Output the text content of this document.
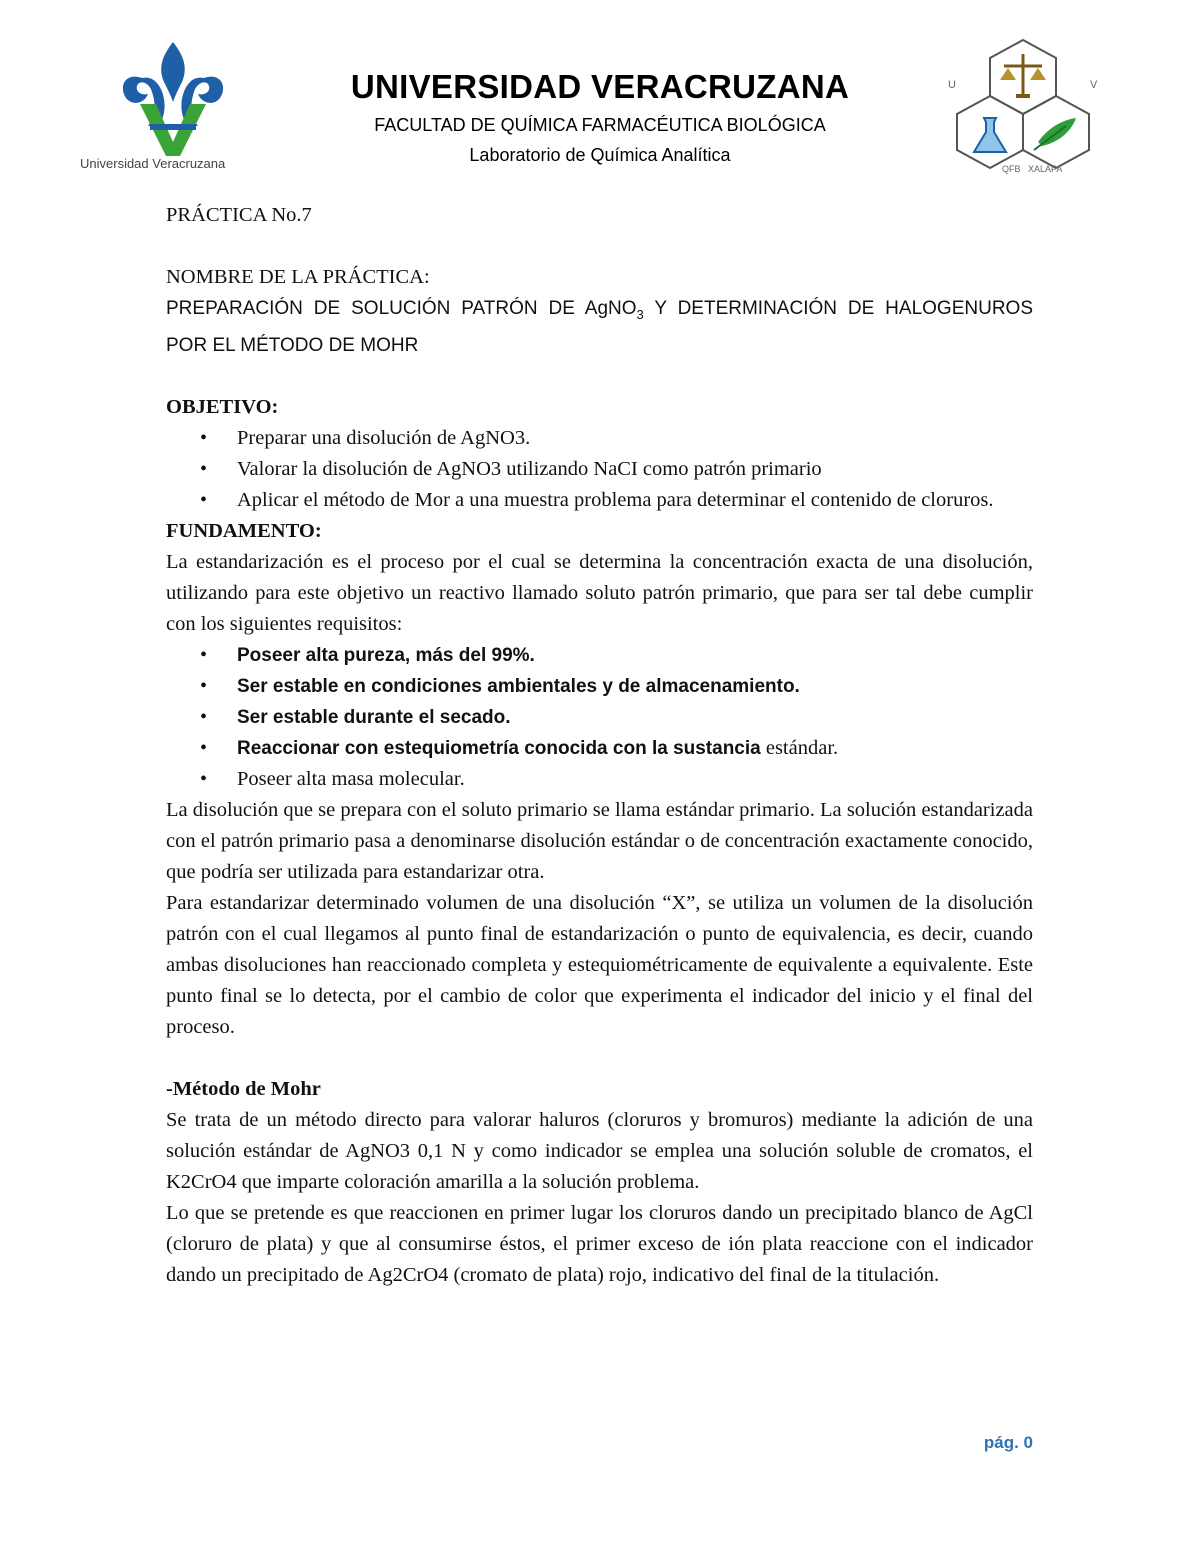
Universidad Veracruzana
UNIVERSIDAD VERACRUZANA
FACULTAD DE QUÍMICA FARMACÉUTICA BIOLÓGICA
Laboratorio de Química Analítica
U	V
QFB XALAPA

PRÁCTICA No.7

NOMBRE DE LA PRÁCTICA:

PREPARACIÓN DE SOLUCIÓN PATRÓN DE AgNO$_3$ Y DETERMINACIÓN DE HALOGENUROS

POR EL MÉTODO DE MOHR

OBJETIVO:

• Preparar una disolución de AgNO3.
• Valorar la disolución de AgNO3 utilizando NaCI como patrón primario
• Aplicar el método de Mor a una muestra problema para determinar el contenido de cloruros.

FUNDAMENTO:

La estandarización es el proceso por el cual se determina la concentración exacta de una disolución, utilizando para este objetivo un reactivo llamado soluto patrón primario, que para ser tal debe cumplir con los siguientes requisitos:

• Poseer alta pureza, más del 99%.
• Ser estable en condiciones ambientales y de almacenamiento.
• Ser estable durante el secado.
• Reaccionar con estequiometría conocida con la sustancia estándar.
• Poseer alta masa molecular.

La disolución que se prepara con el soluto primario se llama estándar primario. La solución estandarizada con el patrón primario pasa a denominarse disolución estándar o de concentración exactamente conocido, que podría ser utilizada para estandarizar otra.

Para estandarizar determinado volumen de una disolución “X”, se utiliza un volumen de la disolución patrón con el cual llegamos al punto final de estandarización o punto de equivalencia, es decir, cuando ambas disoluciones han reaccionado completa y estequiométricamente de equivalente a equivalente. Este punto final se lo detecta, por el cambio de color que experimenta el indicador del inicio y el final del proceso.

-Método de Mohr

Se trata de un método directo para valorar haluros (cloruros y bromuros) mediante la adición de una solución estándar de AgNO3 0,1 N y como indicador se emplea una solución soluble de cromatos, el K2CrO4 que imparte coloración amarilla a la solución problema.

Lo que se pretende es que reaccionen en primer lugar los cloruros dando un precipitado blanco de AgCl (cloruro de plata) y que al consumirse éstos, el primer exceso de ión plata reaccione con el indicador dando un precipitado de Ag2CrO4 (cromato de plata) rojo, indicativo del final de la titulación.

pág. 0
